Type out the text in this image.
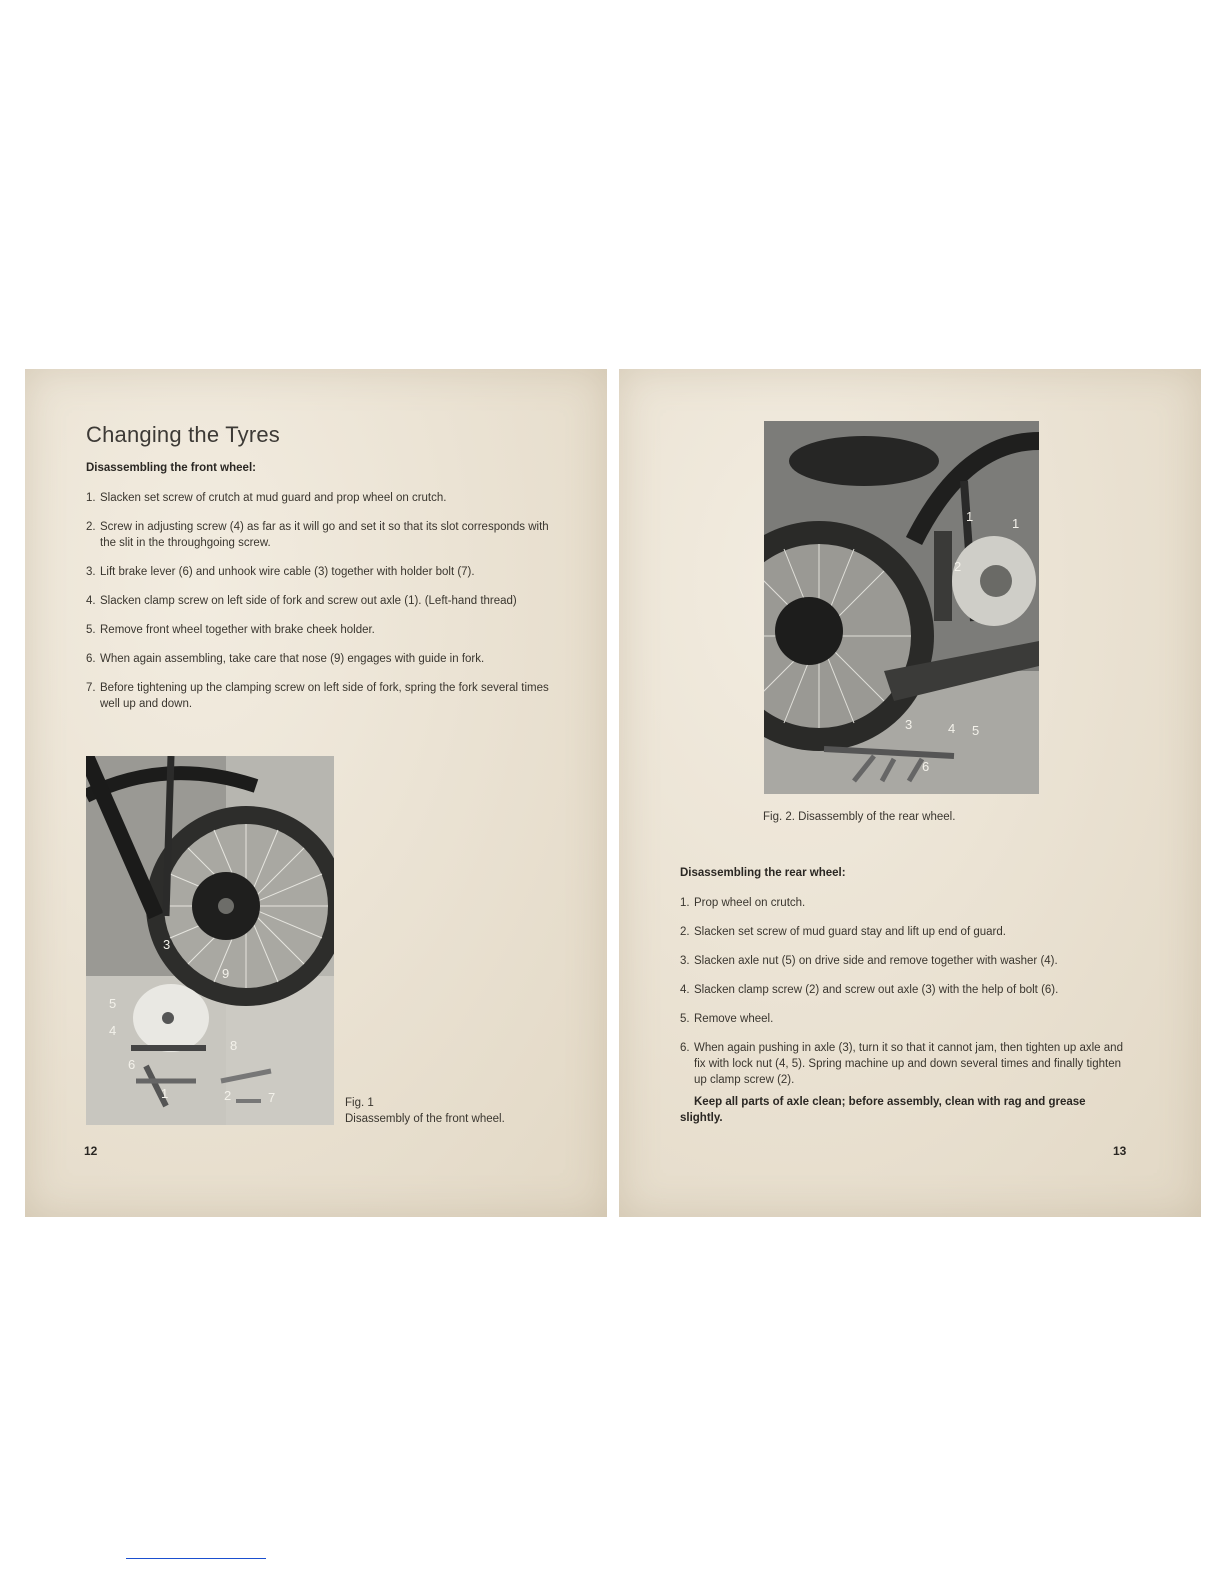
Changing the Tyres
Disassembling the front wheel:
1. Slacken set screw of crutch at mud guard and prop wheel on crutch.
2. Screw in adjusting screw (4) as far as it will go and set it so that its slot corresponds with the slit in the throughgoing screw.
3. Lift brake lever (6) and unhook wire cable (3) together with holder bolt (7).
4. Slacken clamp screw on left side of fork and screw out axle (1). (Left-hand thread)
5. Remove front wheel together with brake cheek holder.
6. When again assembling, take care that nose (9) engages with guide in fork.
7. Before tightening up the clamping screw on left side of fork, spring the fork several times well up and down.
3
9
5
4
8
6
1	2	7	Fig. 1
Disassembly of the front wheel.
12
1	1
2
3	4 5
6
Fig. 2. Disassembly of the rear wheel.
Disassembling the rear wheel:
1. Prop wheel on crutch.
2. Slacken set screw of mud guard stay and lift up end of guard.
3. Slacken axle nut (5) on drive side and remove together with washer (4).
4. Slacken clamp screw (2) and screw out axle (3) with the help of bolt (6).
5. Remove wheel.
6. When again pushing in axle (3), turn it so that it cannot jam, then tighten up axle and fix with lock nut (4, 5). Spring machine up and down several times and finally tighten up clamp screw (2).
Keep all parts of axle clean; before assembly, clean with rag and grease slightly.
13
